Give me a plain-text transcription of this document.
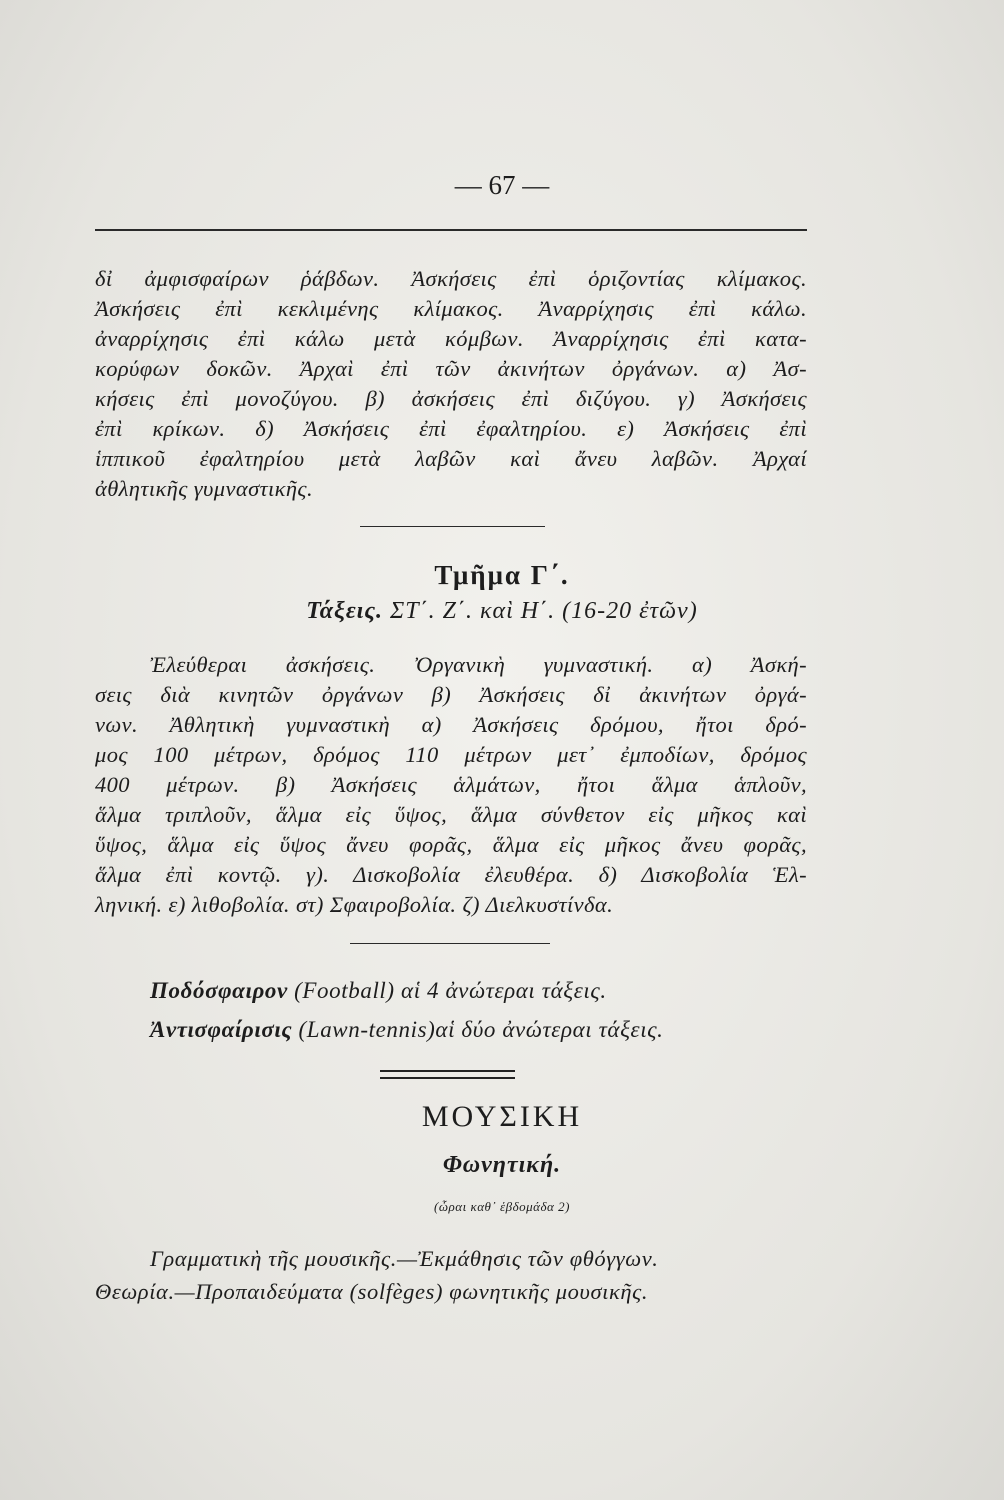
— 67 —
δἰ ἀμφισφαίρων ῥάβδων. Ἀσκήσεις ἐπὶ ὁριζοντίας κλίμακος.
Ἀσκήσεις ἐπὶ κεκλιμένης κλίμακος. Ἀναρρίχησις ἐπὶ κάλω.
ἀναρρίχησις ἐπὶ κάλω μετὰ κόμβων. Ἀναρρίχησις ἐπὶ κατα-
κορύφων δοκῶν. Ἀρχαὶ ἐπὶ τῶν ἀκινήτων ὀργάνων. α) Ἀσ-
κήσεις ἐπὶ μονοζύγου. β) ἀσκήσεις ἐπὶ διζύγου. γ) Ἀσκήσεις
ἐπὶ κρίκων. δ) Ἀσκήσεις ἐπὶ ἐφαλτηρίου. ε) Ἀσκήσεις ἐπὶ
ἱππικοῦ ἐφαλτηρίου μετὰ λαβῶν καὶ ἄνευ λαβῶν. Ἀρχαί
ἀθλητικῆς γυμναστικῆς.
Τμῆμα Γ΄.
Τάξεις. ΣΤ΄. Ζ΄. καὶ Η΄. (16-20 ἐτῶν)
Ἐλεύθεραι ἀσκήσεις. Ὀργανικὴ γυμναστική. α) Ἀσκή-
σεις διὰ κινητῶν ὀργάνων β) Ἀσκήσεις δἰ ἀκινήτων ὀργά-
νων. Ἀθλητικὴ γυμναστικὴ α) Ἀσκήσεις δρόμου, ἤτοι δρό-
μος 100 μέτρων, δρόμος 110 μέτρων μετ᾽ ἐμποδίων, δρόμος
400 μέτρων. β) Ἀσκήσεις ἁλμάτων, ἤτοι ἅλμα ἁπλοῦν,
ἅλμα τριπλοῦν, ἅλμα εἰς ὕψος, ἅλμα σύνθετον εἰς μῆκος καὶ
ὕψος, ἅλμα εἰς ὕψος ἄνευ φορᾶς, ἅλμα εἰς μῆκος ἄνευ φορᾶς,
ἅλμα ἐπὶ κοντῷ. γ). Δισκοβολία ἐλευθέρα. δ) Δισκοβολία Ἑλ-
ληνική. ε) λιθοβολία. στ) Σφαιροβολία. ζ) Διελκυστίνδα.
Ποδόσφαιρον (Football) αἱ 4 ἀνώτεραι τάξεις.
Ἀντισφαίρισις (Lawn-tennis)αἱ δύο ἀνώτεραι τάξεις.
ΜΟΥΣΙΚΗ
Φωνητική.
(ὧραι καθ᾽ ἑβδομάδα 2)
Γραμματικὴ τῆς μουσικῆς.—Ἐκμάθησις τῶν φθόγγων.
Θεωρία.—Προπαιδεύματα (solfèges) φωνητικῆς μουσικῆς.
